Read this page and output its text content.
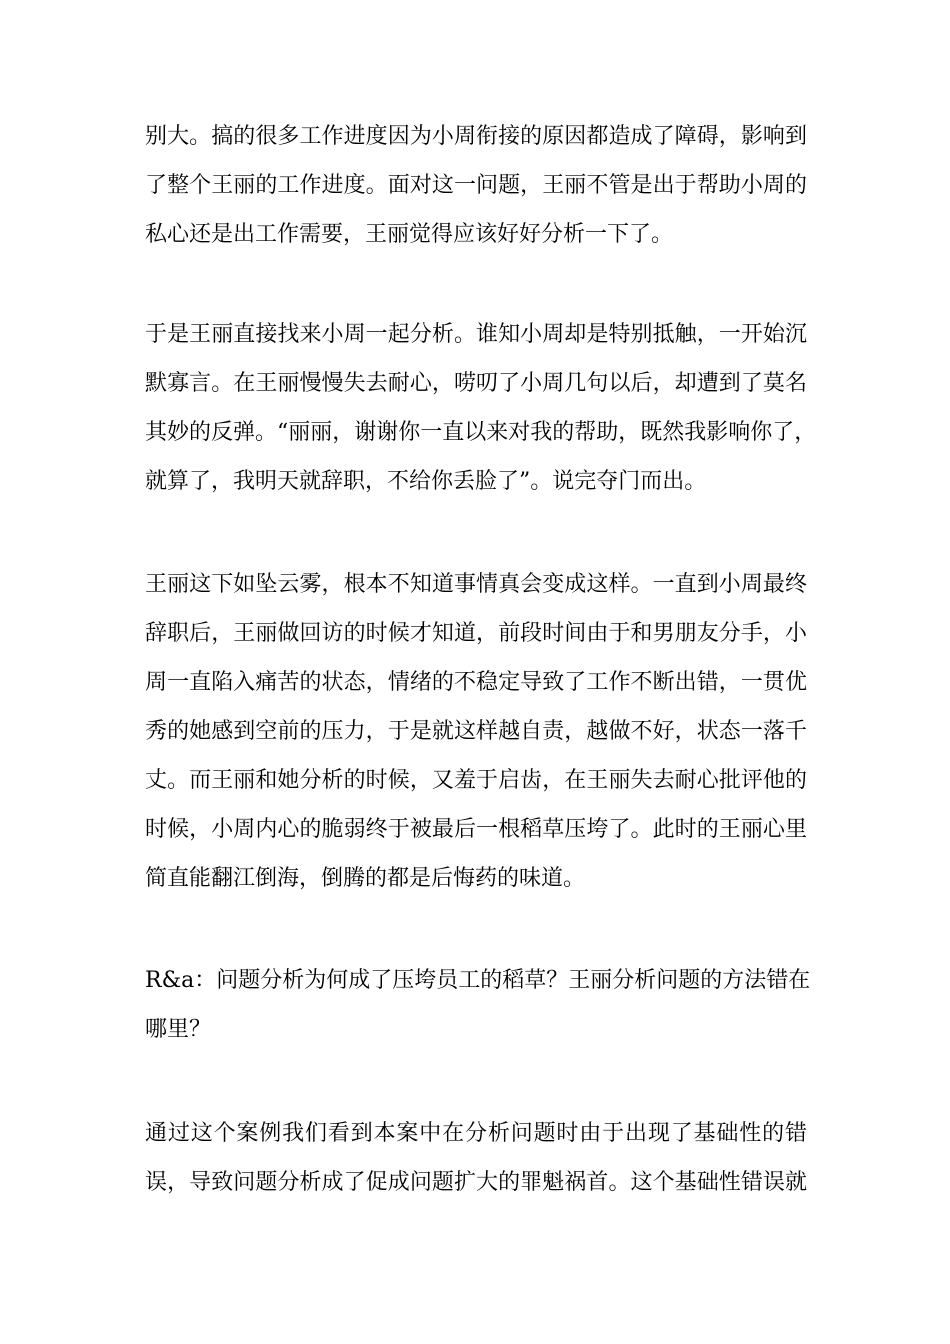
别大。搞的很多工作进度因为小周衔接的原因都造成了障碍，影响到
了整个王丽的工作进度。面对这一问题，王丽不管是出于帮助小周的
私心还是出工作需要，王丽觉得应该好好分析一下了。
于是王丽直接找来小周一起分析。谁知小周却是特别抵触，一开始沉
默寡言。在王丽慢慢失去耐心，唠叨了小周几句以后，却遭到了莫名
其妙的反弹。“丽丽，谢谢你一直以来对我的帮助，既然我影响你了，
就算了，我明天就辞职，不给你丢脸了”。说完夺门而出。
王丽这下如坠云雾，根本不知道事情真会变成这样。一直到小周最终
辞职后，王丽做回访的时候才知道，前段时间由于和男朋友分手，小
周一直陷入痛苦的状态，情绪的不稳定导致了工作不断出错，一贯优
秀的她感到空前的压力，于是就这样越自责，越做不好，状态一落千
丈。而王丽和她分析的时候，又羞于启齿，在王丽失去耐心批评他的
时候，小周内心的脆弱终于被最后一根稻草压垮了。此时的王丽心里
简直能翻江倒海，倒腾的都是后悔药的味道。
R&a：问题分析为何成了压垮员工的稻草？王丽分析问题的方法错在
哪里？
通过这个案例我们看到本案中在分析问题时由于出现了基础性的错
误，导致问题分析成了促成问题扩大的罪魁祸首。这个基础性错误就
